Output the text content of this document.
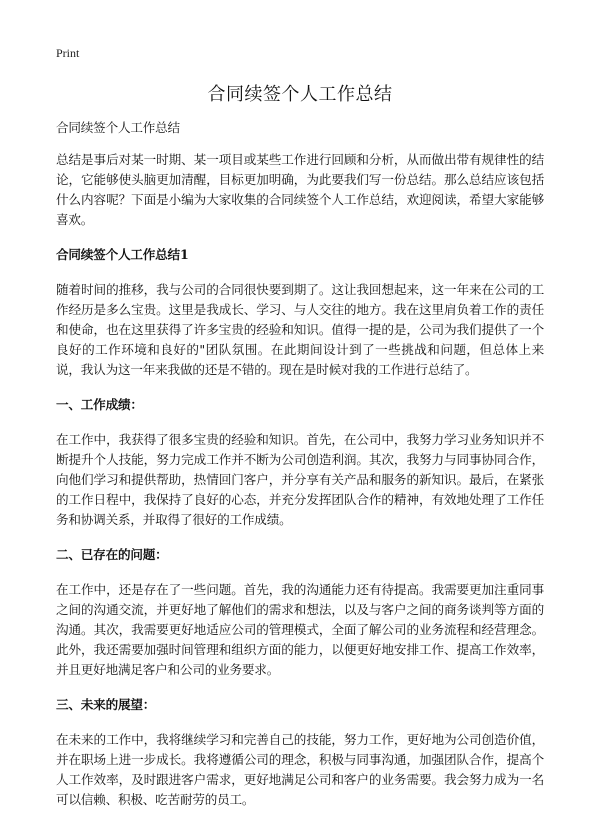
Print
合同续签个人工作总结

合同续签个人工作总结

总结是事后对某一时期、某一项目或某些工作进行回顾和分析，从而做出带有规律性的结论，它能够使头脑更加清醒，目标更加明确，为此要我们写一份总结。那么总结应该包括什么内容呢？下面是小编为大家收集的合同续签个人工作总结，欢迎阅读，希望大家能够喜欢。

合同续签个人工作总结1

随着时间的推移，我与公司的合同很快要到期了。这让我回想起来，这一年来在公司的工作经历是多么宝贵。这里是我成长、学习、与人交往的地方。我在这里肩负着工作的责任和使命，也在这里获得了许多宝贵的经验和知识。值得一提的是，公司为我们提供了一个良好的工作环境和良好的"团队氛围。在此期间设计到了一些挑战和问题，但总体上来说，我认为这一年来我做的还是不错的。现在是时候对我的工作进行总结了。

一、工作成绩：

在工作中，我获得了很多宝贵的经验和知识。首先，在公司中，我努力学习业务知识并不断提升个人技能，努力完成工作并不断为公司创造利润。其次，我努力与同事协同合作，向他们学习和提供帮助，热情回门客户，并分享有关产品和服务的新知识。最后，在紧张的工作日程中，我保持了良好的心态，并充分发挥团队合作的精神，有效地处理了工作任务和协调关系，并取得了很好的工作成绩。

二、已存在的问题：

在工作中，还是存在了一些问题。首先，我的沟通能力还有待提高。我需要更加注重同事之间的沟通交流，并更好地了解他们的需求和想法，以及与客户之间的商务谈判等方面的沟通。其次，我需要更好地适应公司的管理模式，全面了解公司的业务流程和经营理念。此外，我还需要加强时间管理和组织方面的能力，以便更好地安排工作、提高工作效率，并且更好地满足客户和公司的业务要求。

三、未来的展望：

在未来的工作中，我将继续学习和完善自己的技能，努力工作，更好地为公司创造价值，并在职场上进一步成长。我将遵循公司的理念，积极与同事沟通，加强团队合作，提高个人工作效率，及时跟进客户需求，更好地满足公司和客户的业务需要。我会努力成为一名可以信赖、积极、吃苦耐劳的员工。
